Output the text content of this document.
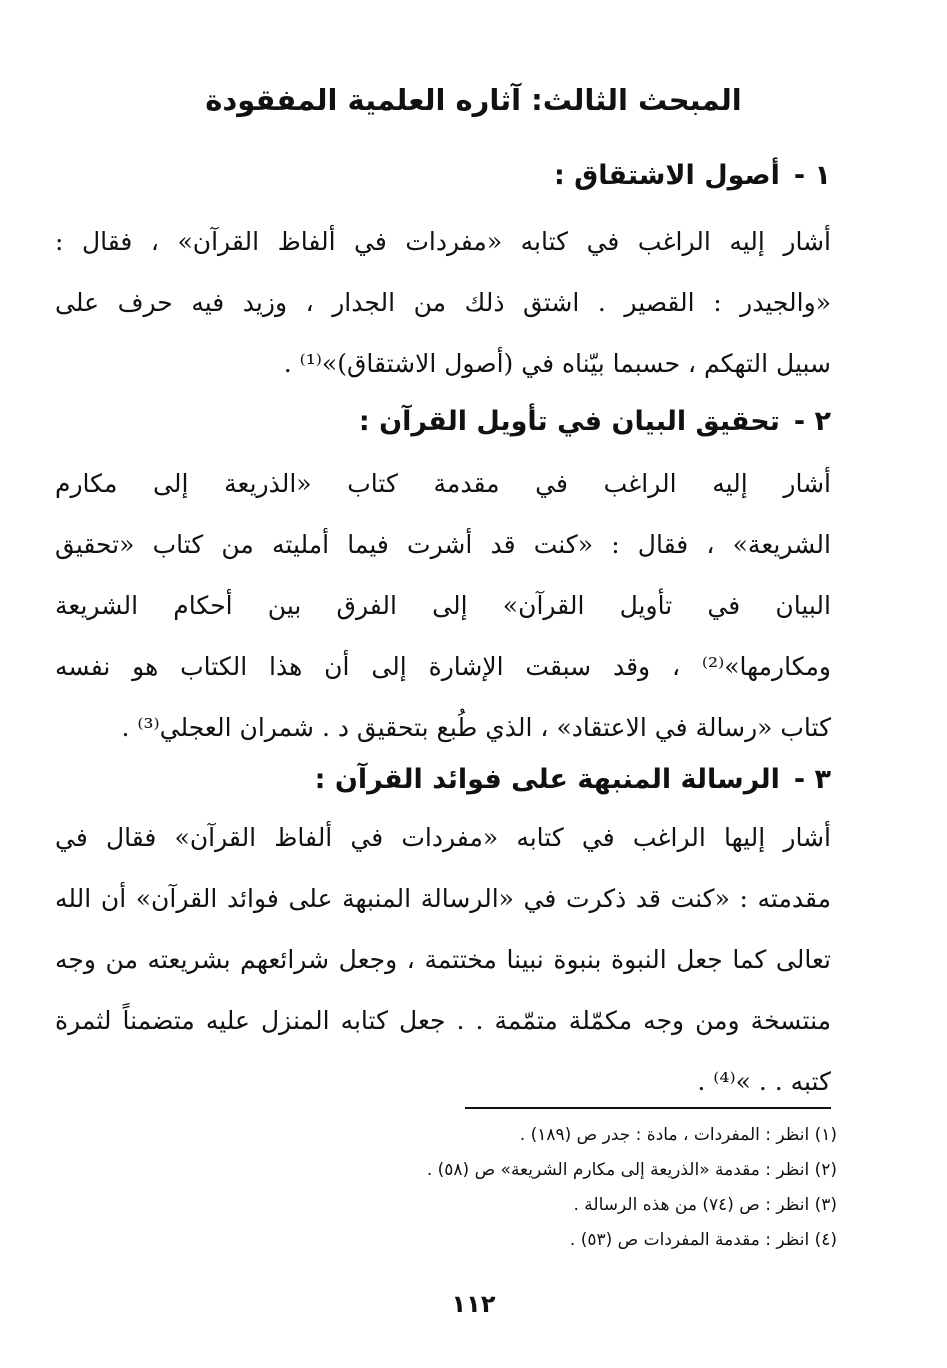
المبحث الثالث: آثاره العلمية المفقودة
١ -أصول الاشتقاق :
أشار إليه الراغب في كتابه «مفردات في ألفاظ القرآن» ، فقال :
«والجيدر : القصير . اشتق ذلك من الجدار ، وزيد فيه حرف على
سبيل التهكم ، حسبما بيّناه في (أصول الاشتقاق)»⁽¹⁾ .
٢ -تحقيق البيان في تأويل القرآن :
أشار إليه الراغب في مقدمة كتاب «الذريعة إلى مكارم
الشريعة» ، فقال : «كنت قد أشرت فيما أمليته من كتاب «تحقيق
البيان في تأويل القرآن» إلى الفرق بين أحكام الشريعة
ومكارمها»⁽²⁾ ، وقد سبقت الإشارة إلى أن هذا الكتاب هو نفسه
كتاب «رسالة في الاعتقاد» ، الذي طُبع بتحقيق د . شمران العجلي⁽³⁾ .
٣ -الرسالة المنبهة على فوائد القرآن :
أشار إليها الراغب في كتابه «مفردات في ألفاظ القرآن» فقال في
مقدمته : «كنت قد ذكرت في «الرسالة المنبهة على فوائد القرآن» أن الله
تعالى كما جعل النبوة بنبوة نبينا مختتمة ، وجعل شرائعهم بشريعته من وجه
منتسخة ومن وجه مكمّلة متمّمة . . جعل كتابه المنزل عليه متضمناً لثمرة
كتبه . . »⁽⁴⁾ .
(١) انظر : المفردات ، مادة : جدر ص (١٨٩) .
(٢) انظر : مقدمة «الذريعة إلى مكارم الشريعة» ص (٥٨) .
(٣) انظر : ص (٧٤) من هذه الرسالة .
(٤) انظر : مقدمة المفردات ص (٥٣) .
١١٢
